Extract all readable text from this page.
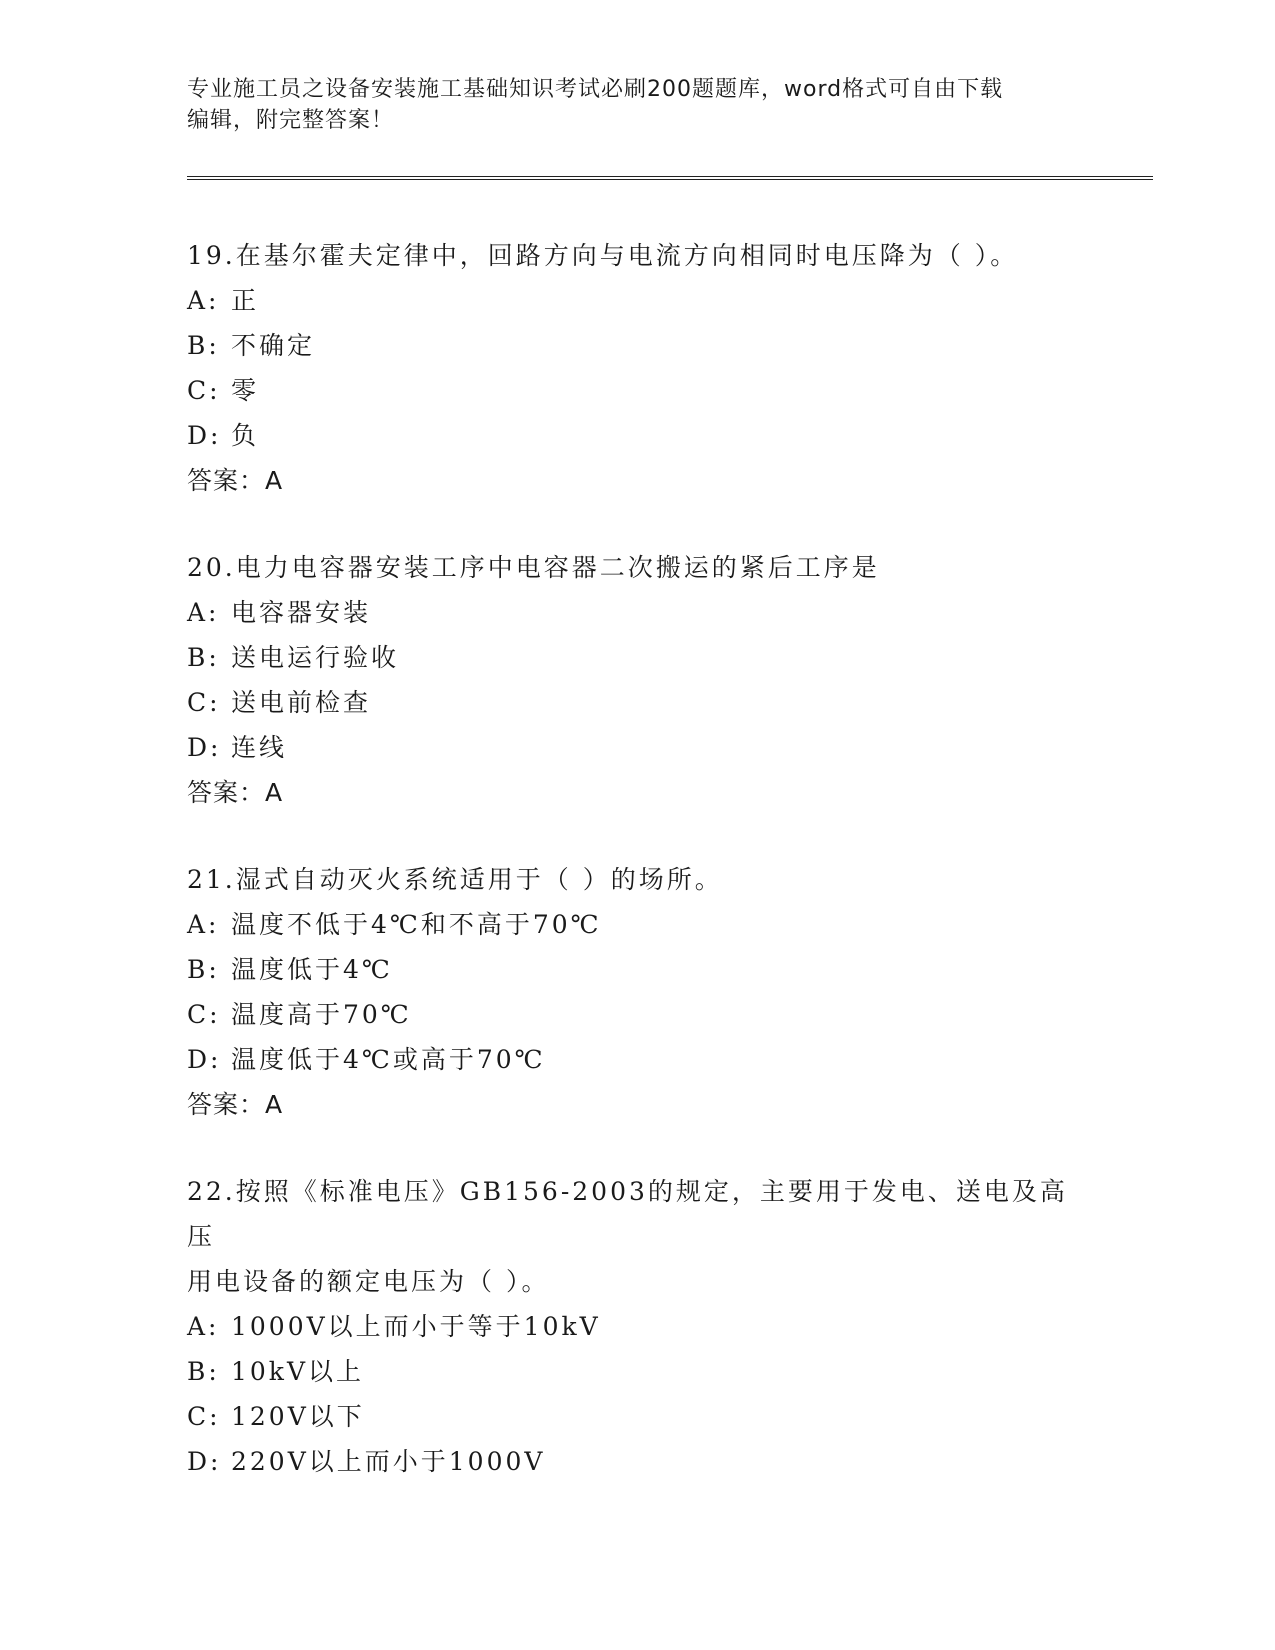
专业施工员之设备安装施工基础知识考试必刷200题题库，word格式可自由下载
编辑，附完整答案！
19.在基尔霍夫定律中，回路方向与电流方向相同时电压降为（ ）。
A: 正
B: 不确定
C: 零
D: 负
答案：A
20.电力电容器安装工序中电容器二次搬运的紧后工序是
A: 电容器安装
B: 送电运行验收
C: 送电前检查
D: 连线
答案：A
21.湿式自动灭火系统适用于（ ）的场所。
A: 温度不低于4℃和不高于70℃
B: 温度低于4℃
C: 温度高于70℃
D: 温度低于4℃或高于70℃
答案：A
22.按照《标准电压》GB156-2003的规定，主要用于发电、送电及高压
用电设备的额定电压为（ ）。
A: 1000V以上而小于等于10kV
B: 10kV以上
C: 120V以下
D: 220V以上而小于1000V
